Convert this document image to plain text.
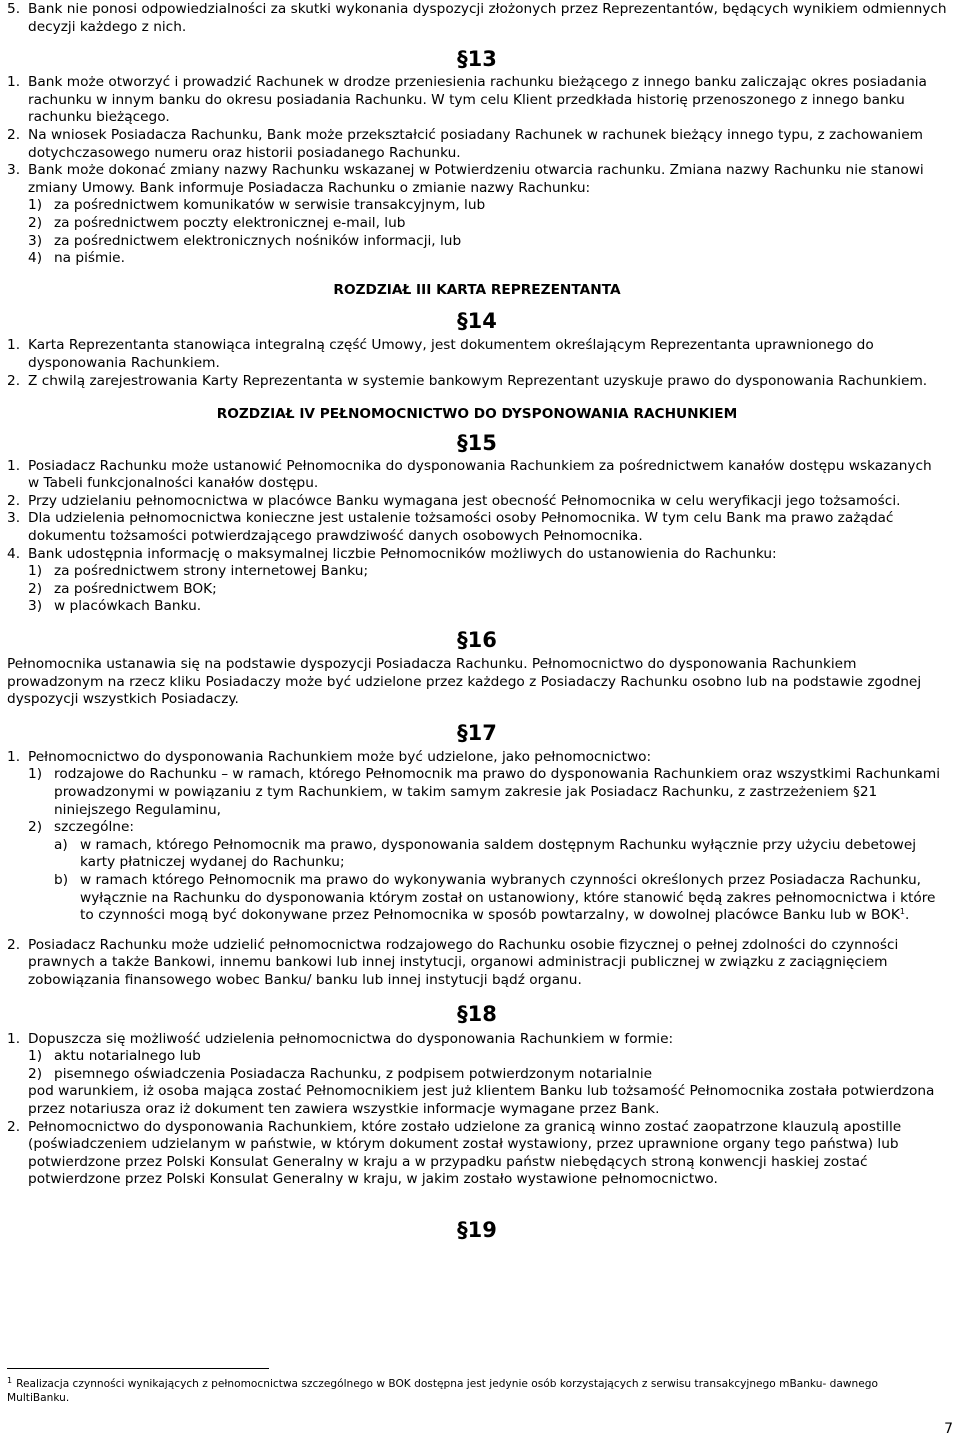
5. Bank nie ponosi odpowiedzialności za skutki wykonania dyspozycji złożonych przez Reprezentantów, będących wynikiem odmiennych decyzji każdego z nich.
§13
1. Bank może otworzyć i prowadzić Rachunek w drodze przeniesienia rachunku bieżącego z innego banku zaliczając okres posiadania rachunku w innym banku do okresu posiadania Rachunku. W tym celu Klient przedkłada historię przenoszonego z innego banku rachunku bieżącego.
2. Na wniosek Posiadacza Rachunku, Bank może przekształcić posiadany Rachunek w rachunek bieżący innego typu, z zachowaniem dotychczasowego numeru oraz historii posiadanego Rachunku.
3. Bank może dokonać zmiany nazwy Rachunku wskazanej w Potwierdzeniu otwarcia rachunku. Zmiana nazwy Rachunku nie stanowi zmiany Umowy. Bank informuje Posiadacza Rachunku o zmianie nazwy Rachunku:
1) za pośrednictwem komunikatów w serwisie transakcyjnym, lub
2) za pośrednictwem poczty elektronicznej e-mail, lub
3) za pośrednictwem elektronicznych nośników informacji, lub
4) na piśmie.
ROZDZIAŁ III KARTA REPREZENTANTA
§14
1. Karta Reprezentanta stanowiąca integralną część Umowy, jest dokumentem określającym Reprezentanta uprawnionego do dysponowania Rachunkiem.
2. Z chwilą zarejestrowania Karty Reprezentanta w systemie bankowym Reprezentant uzyskuje prawo do dysponowania Rachunkiem.
ROZDZIAŁ IV PEŁNOMOCNICTWO DO DYSPONOWANIA RACHUNKIEM
§15
1. Posiadacz Rachunku może ustanowić Pełnomocnika do dysponowania Rachunkiem za pośrednictwem kanałów dostępu wskazanych w Tabeli funkcjonalności kanałów dostępu.
2. Przy udzielaniu pełnomocnictwa w placówce Banku wymagana jest obecność Pełnomocnika w celu weryfikacji jego tożsamości.
3. Dla udzielenia pełnomocnictwa konieczne jest ustalenie tożsamości osoby Pełnomocnika. W tym celu Bank ma prawo zażądać dokumentu tożsamości potwierdzającego prawdziwość danych osobowych Pełnomocnika.
4. Bank udostępnia informację o maksymalnej liczbie Pełnomocników możliwych do ustanowienia do Rachunku:
1) za pośrednictwem strony internetowej Banku;
2) za pośrednictwem BOK;
3) w placówkach Banku.
§16

Pełnomocnika ustanawia się na podstawie dyspozycji Posiadacza Rachunku. Pełnomocnictwo do dysponowania Rachunkiem prowadzonym na rzecz kliku Posiadaczy może być udzielone przez każdego z Posiadaczy Rachunku osobno lub na podstawie zgodnej dyspozycji wszystkich Posiadaczy.

§17
1. Pełnomocnictwo do dysponowania Rachunkiem może być udzielone, jako pełnomocnictwo:
1) rodzajowe do Rachunku – w ramach, którego Pełnomocnik ma prawo do dysponowania Rachunkiem oraz wszystkimi Rachunkami prowadzonymi w powiązaniu z tym Rachunkiem, w takim samym zakresie jak Posiadacz Rachunku, z zastrzeżeniem §21 niniejszego Regulaminu,
2) szczególne:
a) w ramach, którego Pełnomocnik ma prawo, dysponowania saldem dostępnym Rachunku wyłącznie przy użyciu debetowej karty płatniczej wydanej do Rachunku;
b) w ramach którego Pełnomocnik ma prawo do wykonywania wybranych czynności określonych przez Posiadacza Rachunku, wyłącznie na Rachunku do dysponowania którym został on ustanowiony, które stanowić będą zakres pełnomocnictwa i które to czynności mogą być dokonywane przez Pełnomocnika w sposób powtarzalny, w dowolnej placówce Banku lub w BOK$^1$.
2. Posiadacz Rachunku może udzielić pełnomocnictwa rodzajowego do Rachunku osobie fizycznej o pełnej zdolności do czynności prawnych a także Bankowi, innemu bankowi lub innej instytucji, organowi administracji publicznej w związku z zaciągnięciem zobowiązania finansowego wobec Banku/ banku lub innej instytucji bądź organu.
§18
1. Dopuszcza się możliwość udzielenia pełnomocnictwa do dysponowania Rachunkiem w formie:
1) aktu notarialnego lub
2) pisemnego oświadczenia Posiadacza Rachunku, z podpisem potwierdzonym notarialnie
pod warunkiem, iż osoba mająca zostać Pełnomocnikiem jest już klientem Banku lub tożsamość Pełnomocnika została potwierdzona przez notariusza oraz iż dokument ten zawiera wszystkie informacje wymagane przez Bank.
2. Pełnomocnictwo do dysponowania Rachunkiem, które zostało udzielone za granicą winno zostać zaopatrzone klauzulą apostille (poświadczeniem udzielanym w państwie, w którym dokument został wystawiony, przez uprawnione organy tego państwa) lub potwierdzone przez Polski Konsulat Generalny w kraju a w przypadku państw niebędących stroną konwencji haskiej zostać potwierdzone przez Polski Konsulat Generalny w kraju, w jakim zostało wystawione pełnomocnictwo.
§19
$^1$ Realizacja czynności wynikających z pełnomocnictwa szczególnego w BOK dostępna jest jedynie osób korzystających z serwisu transakcyjnego mBanku- dawnego MultiBanku.
7
